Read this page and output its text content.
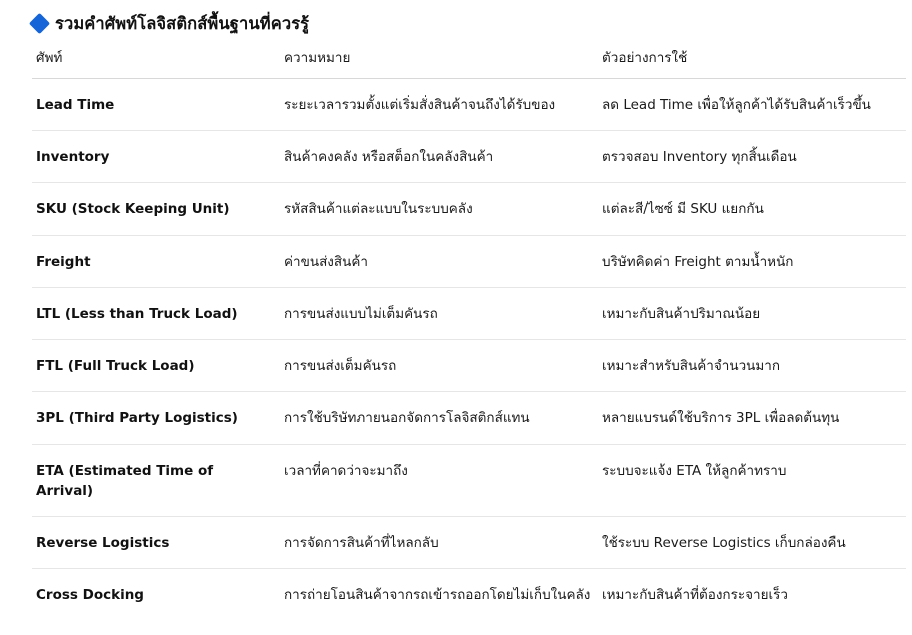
รวมคำศัพท์โลจิสติกส์พื้นฐานที่ควรรู้
ศัพท์	ความหมาย	ตัวอย่างการใช้
Lead Time	ระยะเวลารวมตั้งแต่เริ่มสั่งสินค้าจนถึงได้รับของ	ลด Lead Time เพื่อให้ลูกค้าได้รับสินค้าเร็วขึ้น
Inventory	สินค้าคงคลัง หรือสต็อกในคลังสินค้า	ตรวจสอบ Inventory ทุกสิ้นเดือน
SKU (Stock Keeping Unit)	รหัสสินค้าแต่ละแบบในระบบคลัง	แต่ละสี/ไซซ์ มี SKU แยกกัน
Freight	ค่าขนส่งสินค้า	บริษัทคิดค่า Freight ตามน้ำหนัก
LTL (Less than Truck Load)	การขนส่งแบบไม่เต็มคันรถ	เหมาะกับสินค้าปริมาณน้อย
FTL (Full Truck Load)	การขนส่งเต็มคันรถ	เหมาะสำหรับสินค้าจำนวนมาก
3PL (Third Party Logistics)	การใช้บริษัทภายนอกจัดการโลจิสติกส์แทน	หลายแบรนด์ใช้บริการ 3PL เพื่อลดต้นทุน
ETA (Estimated Time of Arrival)	เวลาที่คาดว่าจะมาถึง	ระบบจะแจ้ง ETA ให้ลูกค้าทราบ
Reverse Logistics	การจัดการสินค้าที่ไหลกลับ	ใช้ระบบ Reverse Logistics เก็บกล่องคืน
Cross Docking	การถ่ายโอนสินค้าจากรถเข้ารถออกโดยไม่เก็บในคลัง	เหมาะกับสินค้าที่ต้องกระจายเร็ว
